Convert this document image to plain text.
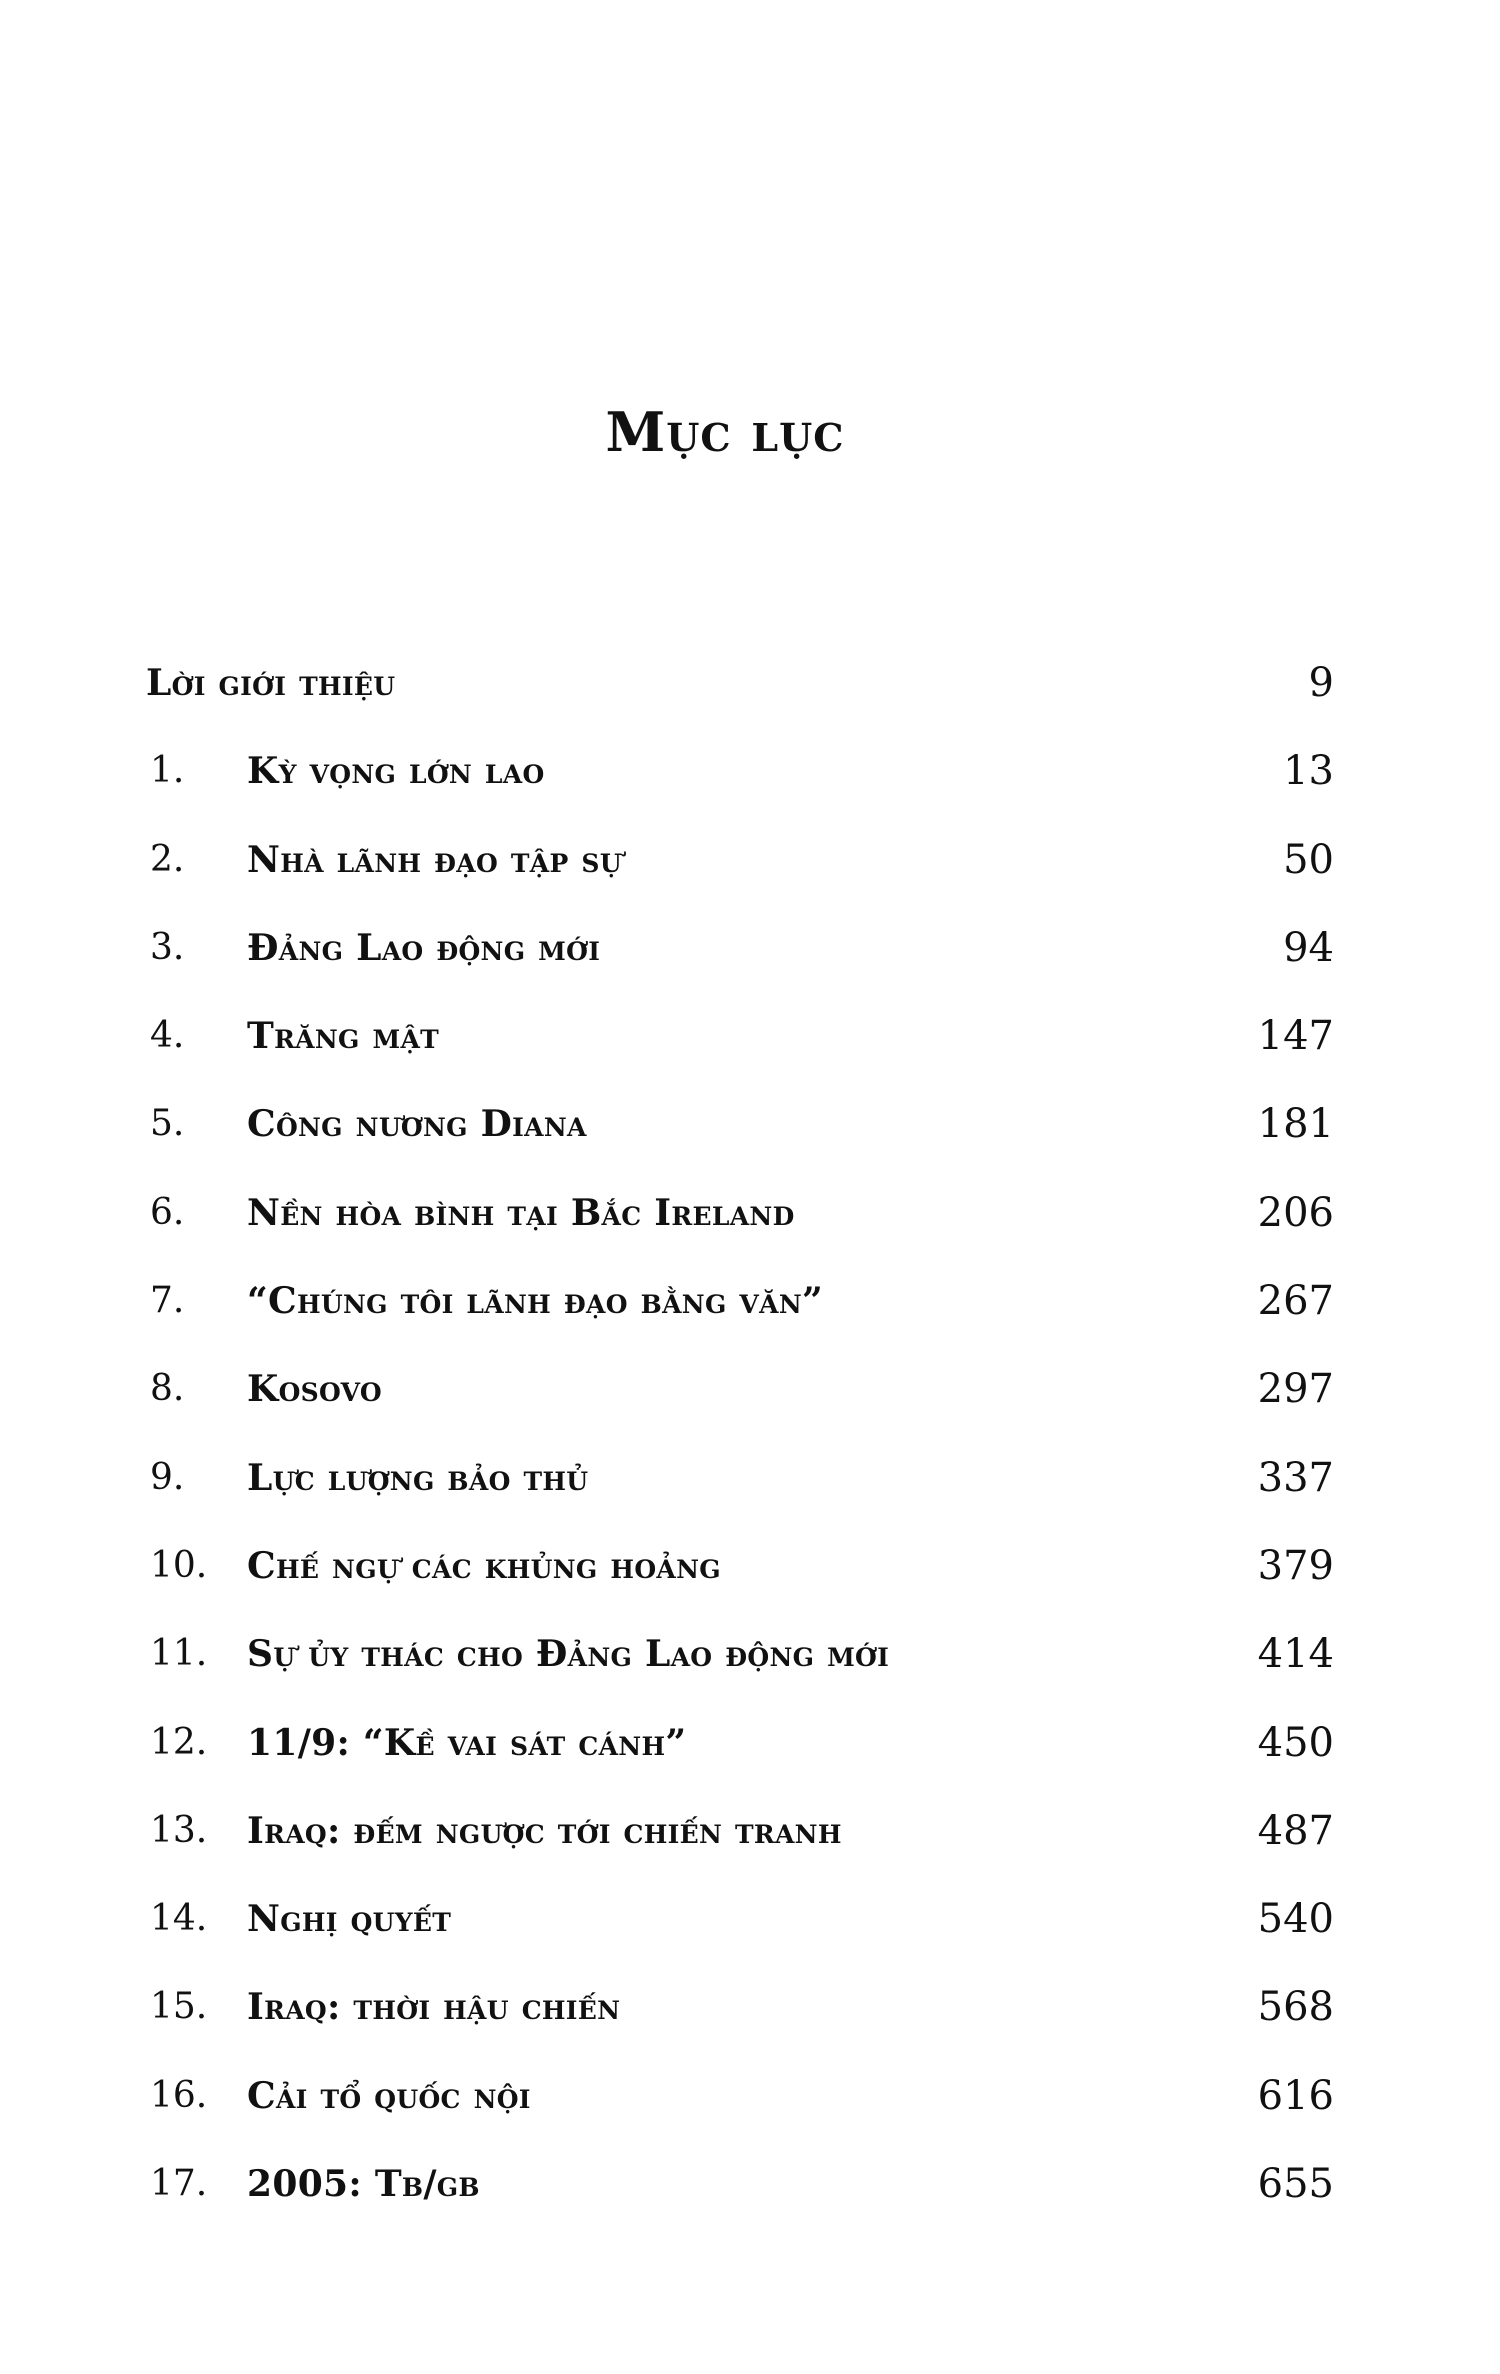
Mục lục
Lời giới thiệu	9
1. Kỳ vọng lớn lao	13
2. Nhà lãnh đạo tập sự	50
3. Đảng Lao động mới	94
4. Trăng mật	147
5. Công nương Diana	181
6. Nền hòa bình tại Bắc Ireland	206
7. “Chúng tôi lãnh đạo bằng văn”	267
8. Kosovo	297
9. Lực lượng bảo thủ	337
10. Chế ngự các khủng hoảng	379
11. Sự ủy thác cho Đảng Lao động mới	414
12. 11/9: “Kề vai sát cánh”	450
13. Iraq: đếm ngược tới chiến tranh	487
14. Nghị quyết	540
15. Iraq: thời hậu chiến	568
16. Cải tổ quốc nội	616
17. 2005: Tb/gb	655
